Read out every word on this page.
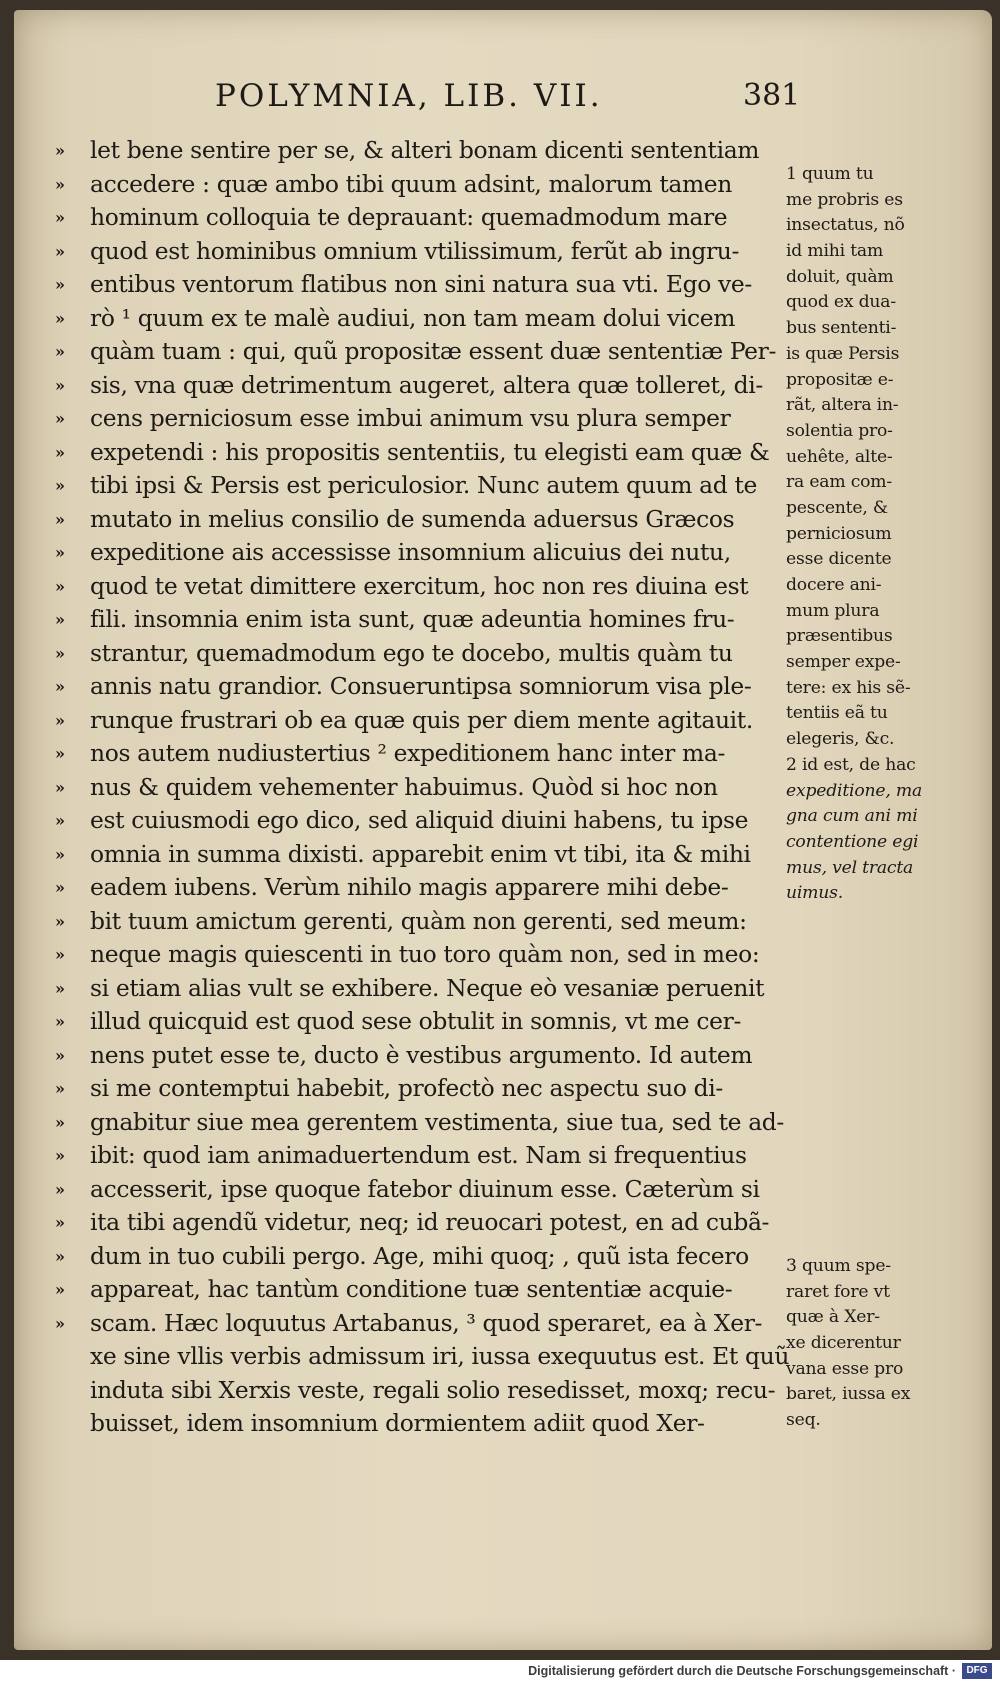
POLYMNIA, LIB. VII.	381
»
»
»
»
»
»
»
»
»
»
»
»
»
»
»
»
»
»
»
»
»
»
»
»
»
»
»
»
»
»
»
»
»
»
»
»
let bene sentire per se, & alteri bonam dicenti sententiam
accedere : quæ ambo tibi quum adsint, malorum tamen
hominum colloquia te deprauant: quemadmodum mare
quod est hominibus omnium vtilissimum, ferũt ab ingru-
entibus ventorum flatibus non sini natura sua vti. Ego ve-
rò ¹ quum ex te malè audiui, non tam meam dolui vicem
quàm tuam : qui, quũ propositæ essent duæ sententiæ Per-
sis, vna quæ detrimentum augeret, altera quæ tolleret, di-
cens perniciosum esse imbui animum vsu plura semper
expetendi : his propositis sententiis, tu elegisti eam quæ &
tibi ipsi & Persis est periculosior. Nunc autem quum ad te
mutato in melius consilio de sumenda aduersus Græcos
expeditione ais accessisse insomnium alicuius dei nutu,
quod te vetat dimittere exercitum, hoc non res diuina est
fili. insomnia enim ista sunt, quæ adeuntia homines fru-
strantur, quemadmodum ego te docebo, multis quàm tu
annis natu grandior. Consueruntipsa somniorum visa ple-
runque frustrari ob ea quæ quis per diem mente agitauit.
nos autem nudiustertius ² expeditionem hanc inter ma-
nus & quidem vehementer habuimus. Quòd si hoc non
est cuiusmodi ego dico, sed aliquid diuini habens, tu ipse
omnia in summa dixisti. apparebit enim vt tibi, ita & mihi
eadem iubens. Verùm nihilo magis apparere mihi debe-
bit tuum amictum gerenti, quàm non gerenti, sed meum:
neque magis quiescenti in tuo toro quàm non, sed in meo:
si etiam alias vult se exhibere. Neque eò vesaniæ peruenit
illud quicquid est quod sese obtulit in somnis, vt me cer-
nens putet esse te, ducto è vestibus argumento. Id autem
si me contemptui habebit, profectò nec aspectu suo di-
gnabitur siue mea gerentem vestimenta, siue tua, sed te ad-
ibit: quod iam animaduertendum est. Nam si frequentius
accesserit, ipse quoque fatebor diuinum esse. Cæterùm si
ita tibi agendũ videtur, neq; id reuocari potest, en ad cubã-
dum in tuo cubili pergo. Age, mihi quoq; , quũ ista fecero
appareat, hac tantùm conditione tuæ sententiæ acquie-
scam. Hæc loquutus Artabanus, ³ quod speraret, ea à Xer-
xe sine vllis verbis admissum iri, iussa exequutus est. Et quũ
induta sibi Xerxis veste, regali solio resedisset, moxq; recu-
buisset, idem insomnium dormientem adiit quod Xer-
1 quum tu
me probris es
insectatus, nõ
id mihi tam
doluit, quàm
quod ex dua-
bus sententi-
is quæ Persis
propositæ e-
rãt, altera in-
solentia pro-
uehête, alte-
ra eam com-
pescente, &
perniciosum
esse dicente
docere ani-
mum plura
præsentibus
semper expe-
tere: ex his sẽ-
tentiis eã tu
elegeris, &c.
2 id est, de hac
expeditione, ma
gna cum ani mi
contentione egi
mus, vel tracta
uimus.
3 quum spe-
raret fore vt
quæ à Xer-
xe dicerentur
vana esse pro
baret, iussa ex
seq.
Digitalisierung gefördert durch die Deutsche Forschungsgemeinschaft ·	DFG
